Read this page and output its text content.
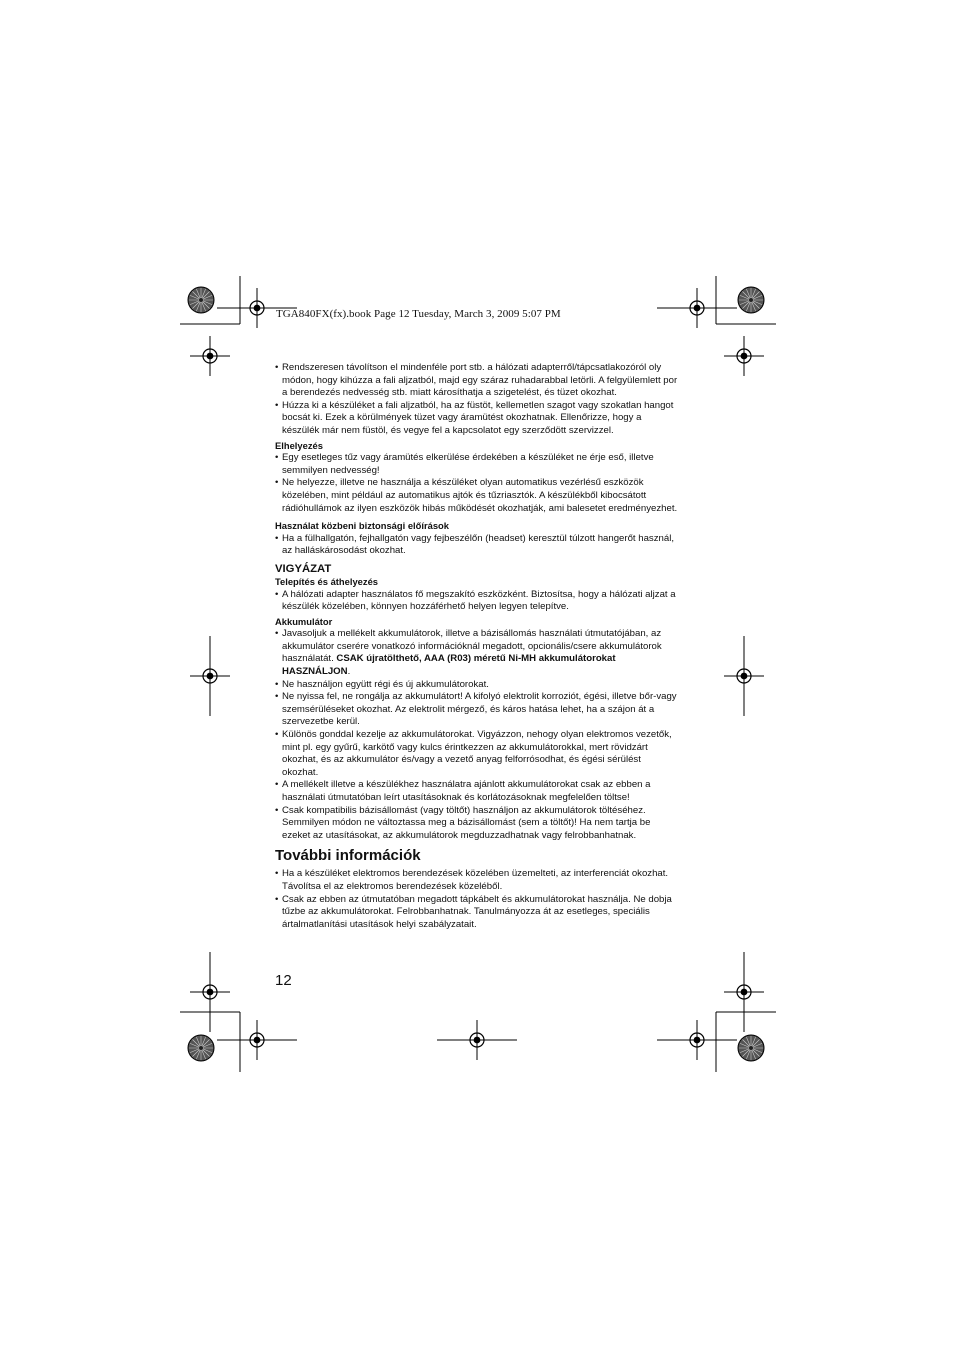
TGA840FX(fx).book Page 12 Tuesday, March 3, 2009 5:07 PM
• Rendszeresen távolítson el mindenféle port stb. a hálózati adapterről/tápcsatlakozóról oly módon, hogy kihúzza a fali aljzatból, majd egy száraz ruhadarabbal letörli. A felgyülemlett por a berendezés nedvesség stb. miatt károsíthatja a szigetelést, és tüzet okozhat.
• Húzza ki a készüléket a fali aljzatból, ha az füstöt, kellemetlen szagot vagy szokatlan hangot bocsát ki. Ezek a körülmények tüzet vagy áramütést okozhatnak. Ellenőrizze, hogy a készülék már nem füstöl, és vegye fel a kapcsolatot egy szerződött szervizzel.
Elhelyezés
• Egy esetleges tűz vagy áramütés elkerülése érdekében a készüléket ne érje eső, illetve semmilyen nedvesség!
• Ne helyezze, illetve ne használja a készüléket olyan automatikus vezérlésű eszközök közelében, mint például az automatikus ajtók és tűzriasztók. A készülékből kibocsátott rádióhullámok az ilyen eszközök hibás működését okozhatják, ami balesetet eredményezhet.
Használat közbeni biztonsági előírások
• Ha a fülhallgatón, fejhallgatón vagy fejbeszélőn (headset) keresztül túlzott hangerőt használ, az halláskárosodást okozhat.
VIGYÁZAT
Telepítés és áthelyezés
• A hálózati adapter használatos fő megszakító eszközként. Biztosítsa, hogy a hálózati aljzat a készülék közelében, könnyen hozzáférhető helyen legyen telepítve.
Akkumulátor
• Javasoljuk a mellékelt akkumulátorok, illetve a bázisállomás használati útmutatójában, az akkumulátor cserére vonatkozó információknál megadott, opcionális/csere akkumulátorok használatát. CSAK újratölthető, AAA (R03) méretű Ni-MH akkumulátorokat HASZNÁLJON.
• Ne használjon együtt régi és új akkumulátorokat.
• Ne nyissa fel, ne rongálja az akkumulátort! A kifolyó elektrolit korroziót, égési, illetve bőr-vagy szemsérüléseket okozhat. Az elektrolit mérgező, és káros hatása lehet, ha a szájon át a szervezetbe kerül.
• Különös gonddal kezelje az akkumulátorokat. Vigyázzon, nehogy olyan elektromos vezetők, mint pl. egy gyűrű, karkötő vagy kulcs érintkezzen az akkumulátorokkal, mert rövidzárt okozhat, és az akkumulátor és/vagy a vezető anyag felforrósodhat, és égési sérülést okozhat.
• A mellékelt illetve a készülékhez használatra ajánlott akkumulátorokat csak az ebben a használati útmutatóban leírt utasításoknak és korlátozásoknak megfelelően töltse!
• Csak kompatibilis bázisállomást (vagy töltőt) használjon az akkumulátorok töltéséhez. Semmilyen módon ne változtassa meg a bázisállomást (sem a töltőt)! Ha nem tartja be ezeket az utasításokat, az akkumulátorok megduzzadhatnak vagy felrobbanhatnak.
További információk
• Ha a készüléket elektromos berendezések közelében üzemelteti, az interferenciát okozhat. Távolítsa el az elektromos berendezések közeléből.
• Csak az ebben az útmutatóban megadott tápkábelt és akkumulátorokat használja. Ne dobja tűzbe az akkumulátorokat. Felrobbanhatnak. Tanulmányozza át az esetleges, speciális ártalmatlanítási utasítások helyi szabályzatait.
12
